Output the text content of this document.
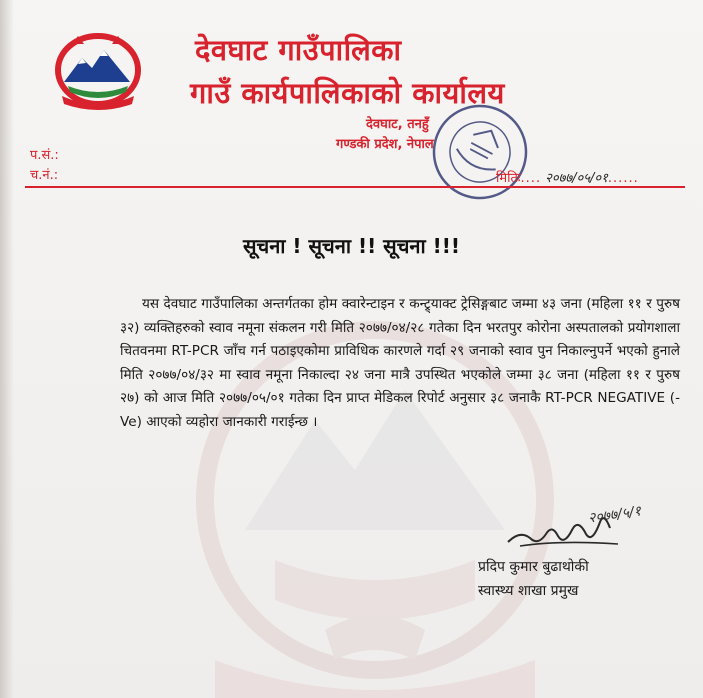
देवघाट गाउँपालिका
गाउँ कार्यपालिकाको कार्यालय
देवघाट, तनहुँ
गण्डकी प्रदेश, नेपाल
प.सं.:
च.नं.:	मितिः.... २०७७/०५/०१......
सूचना ! सूचना !! सूचना !!!

यस देवघाट गाउँपालिका अन्तर्गतका होम क्वारेन्टाइन र कन्ट्र्याक्ट ट्रेसिङ्गबाट जम्मा ४३ जना (महिला ११ र पुरुष ३२) व्यक्तिहरुको स्वाव नमूना संकलन गरी मिति २०७७/०४/२८ गतेका दिन भरतपुर कोरोना अस्पतालको प्रयोगशाला चितवनमा RT-PCR जाँच गर्न पठाइएकोमा प्राविधिक कारणले गर्दा २९ जनाको स्वाव पुन निकाल्नुपर्ने भएको हुनाले मिति २०७७/०४/३२ मा स्वाव नमूना निकाल्दा २४ जना मात्रै उपस्थित भएकोले जम्मा ३८ जना (महिला ११ र पुरुष २७) को आज मिति २०७७/०५/०१ गतेका दिन प्राप्त मेडिकल रिपोर्ट अनुसार ३८ जनाकै RT-PCR NEGATIVE (-Ve) आएको व्यहोरा जानकारी गराईन्छ ।

२०७७/५/१
प्रदिप कुमार बुढाथोकी
स्वास्थ्य शाखा प्रमुख
